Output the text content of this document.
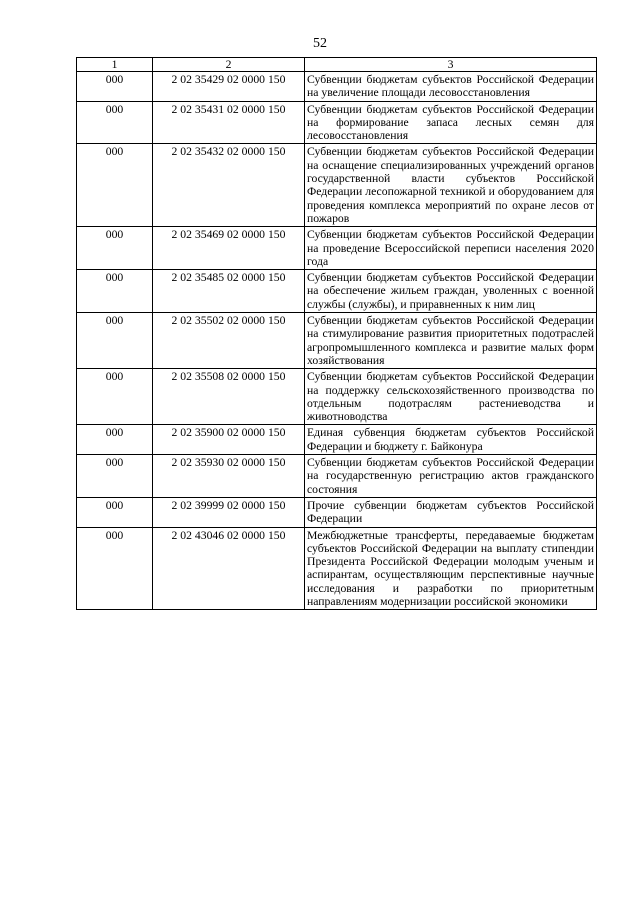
52
1	2	3
000	2 02 35429 02 0000 150	Субвенции бюджетам субъектов Российской Федерации на увеличение площади лесовосстановления
000	2 02 35431 02 0000 150	Субвенции бюджетам субъектов Российской Федерации на формирование запаса лесных семян для лесовосстановления
000	2 02 35432 02 0000 150	Субвенции бюджетам субъектов Российской Федерации на оснащение специализированных учреждений органов государственной власти субъектов Российской Федерации лесопожарной техникой и оборудованием для проведения комплекса мероприятий по охране лесов от пожаров
000	2 02 35469 02 0000 150	Субвенции бюджетам субъектов Российской Федерации на проведение Всероссийской переписи населения 2020 года
000	2 02 35485 02 0000 150	Субвенции бюджетам субъектов Российской Федерации на обеспечение жильем граждан, уволенных с военной службы (службы), и приравненных к ним лиц
000	2 02 35502 02 0000 150	Субвенции бюджетам субъектов Российской Федерации на стимулирование развития приоритетных подотраслей агропромышленного комплекса и развитие малых форм хозяйствования
000	2 02 35508 02 0000 150	Субвенции бюджетам субъектов Российской Федерации на поддержку сельскохозяйственного производства по отдельным подотраслям растениеводства и животноводства
000	2 02 35900 02 0000 150	Единая субвенция бюджетам субъектов Российской Федерации и бюджету г. Байконура
000	2 02 35930 02 0000 150	Субвенции бюджетам субъектов Российской Федерации на государственную регистрацию актов гражданского состояния
000	2 02 39999 02 0000 150	Прочие субвенции бюджетам субъектов Российской Федерации
000	2 02 43046 02 0000 150	Межбюджетные трансферты, передаваемые бюджетам субъектов Российской Федерации на выплату стипендии Президента Российской Федерации молодым ученым и аспирантам, осуществляющим перспективные научные исследования и разработки по приоритетным направлениям модернизации российской экономики
